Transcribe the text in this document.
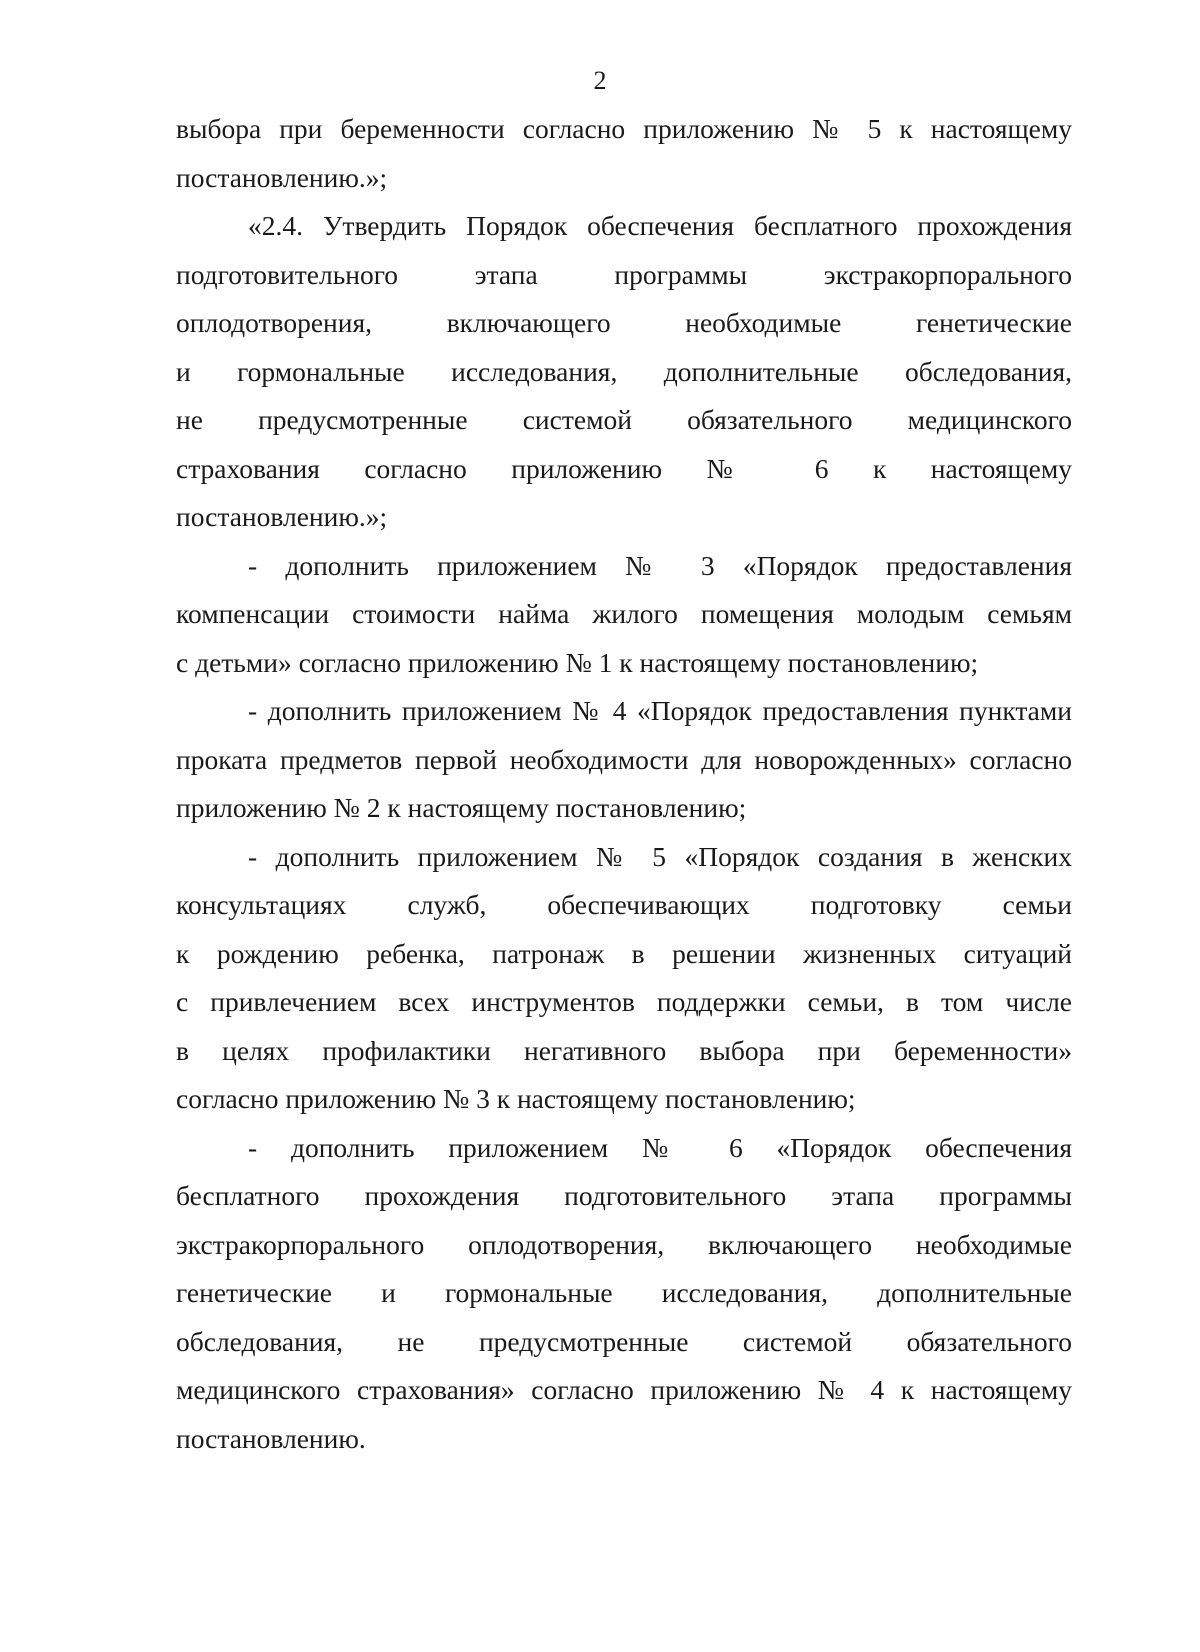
2
выбора при беременности согласно приложению № 5 к настоящему
постановлению.»;
«2.4. Утвердить Порядок обеспечения бесплатного прохождения
подготовительного этапа программы экстракорпорального
оплодотворения, включающего необходимые генетические
и гормональные исследования, дополнительные обследования,
не предусмотренные системой обязательного медицинского
страхования согласно приложению № 6 к настоящему
постановлению.»;
- дополнить приложением № 3 «Порядок предоставления
компенсации стоимости найма жилого помещения молодым семьям
с детьми» согласно приложению № 1 к настоящему постановлению;
- дополнить приложением № 4 «Порядок предоставления пунктами
проката предметов первой необходимости для новорожденных» согласно
приложению № 2 к настоящему постановлению;
- дополнить приложением № 5 «Порядок создания в женских
консультациях служб, обеспечивающих подготовку семьи
к рождению ребенка, патронаж в решении жизненных ситуаций
с привлечением всех инструментов поддержки семьи, в том числе
в целях профилактики негативного выбора при беременности»
согласно приложению № 3 к настоящему постановлению;
- дополнить приложением № 6 «Порядок обеспечения
бесплатного прохождения подготовительного этапа программы
экстракорпорального оплодотворения, включающего необходимые
генетические и гормональные исследования, дополнительные
обследования, не предусмотренные системой обязательного
медицинского страхования» согласно приложению № 4 к настоящему
постановлению.
